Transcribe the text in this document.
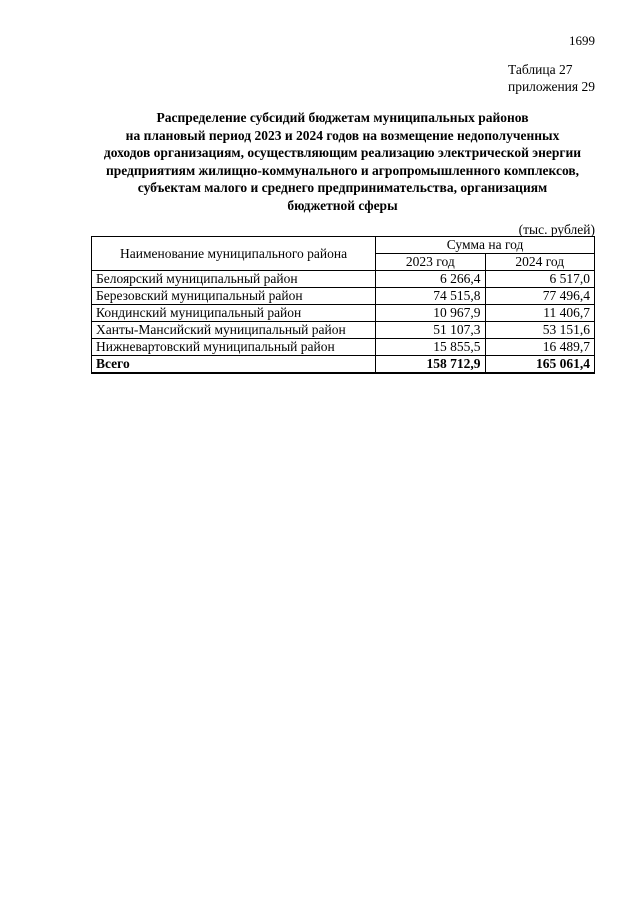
1699
Таблица 27
приложения 29
Распределение субсидий бюджетам муниципальных районов
на плановый период 2023 и 2024 годов на возмещение недополученных
доходов организациям, осуществляющим реализацию электрической энергии
предприятиям жилищно-коммунального и агропромышленного комплексов,
субъектам малого и среднего предпринимательства, организациям
бюджетной сферы
(тыс. рублей)
Наименование муниципального района	Сумма на год	
	2023 год	2024 год
Белоярский муниципальный район	6 266,4	6 517,0
Березовский муниципальный район	74 515,8	77 496,4
Кондинский муниципальный район	10 967,9	11 406,7
Ханты-Мансийский муниципальный район	51 107,3	53 151,6
Нижневартовский муниципальный район	15 855,5	16 489,7
Всего	158 712,9	165 061,4
